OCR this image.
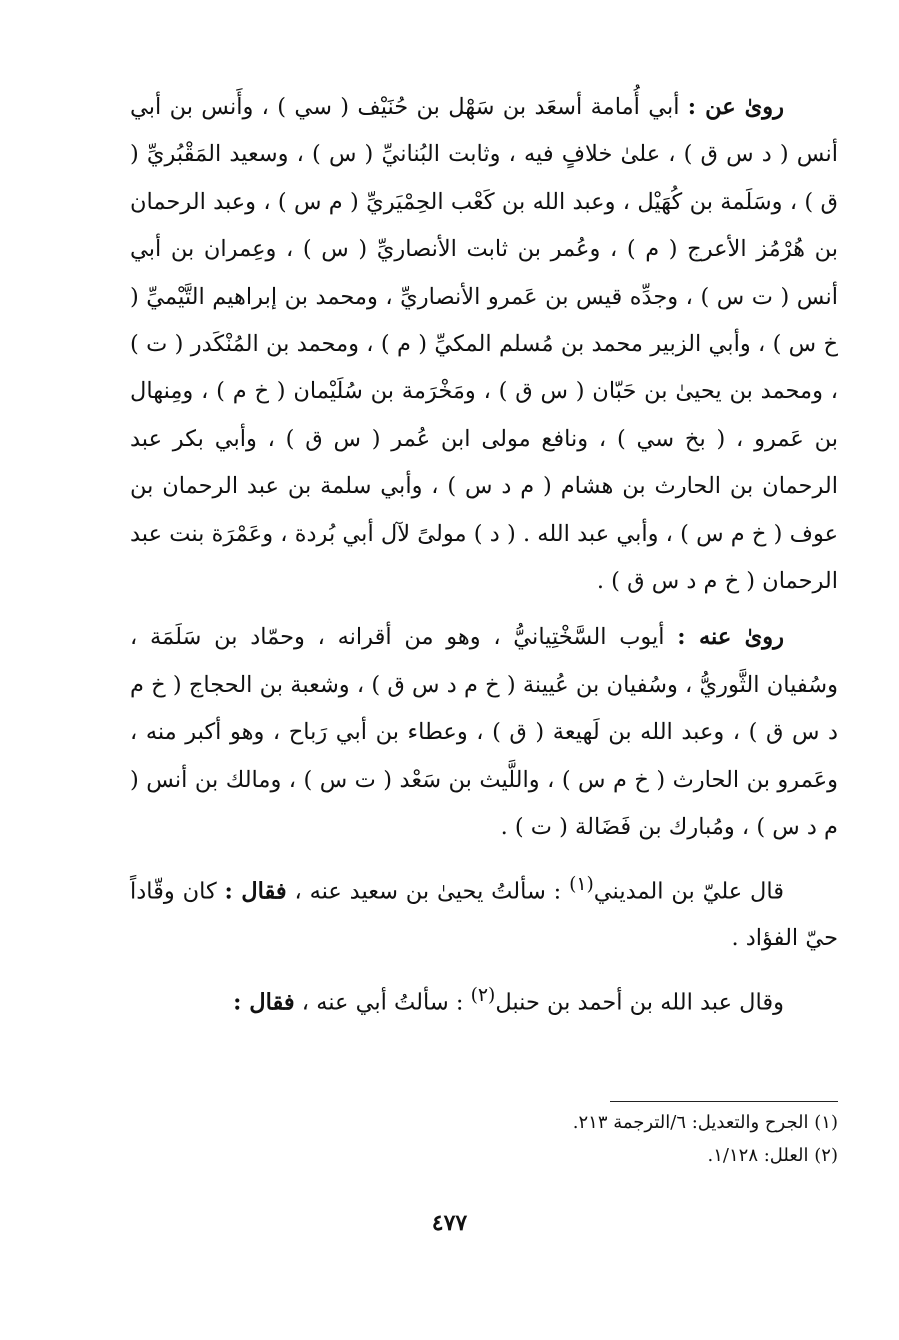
روىٰ عن : أبي أُمامة أسعَد بن سَهْل بن حُنَيْف ( سي ) ، وأَنس بن أبي أنس ( د س ق ) ، علىٰ خلافٍ فيه ، وثابت البُنانيِّ ( س ) ، وسعيد المَقْبُريِّ ( ق ) ، وسَلَمة بن كُهَيْل ، وعبد الله بن كَعْب الحِمْيَريِّ ( م س ) ، وعبد الرحمان بن هُرْمُز الأعرج ( م ) ، وعُمر بن ثابت الأنصاريِّ ( س ) ، وعِمران بن أبي أنس ( ت س ) ، وجدِّه قيس بن عَمرو الأنصاريِّ ، ومحمد بن إبراهيم التَّيْميِّ ( خ س ) ، وأبي الزبير محمد بن مُسلم المكيِّ ( م ) ، ومحمد بن المُنْكَدر ( ت ) ، ومحمد بن يحيىٰ بن حَبّان ( س ق ) ، ومَخْرَمة بن سُلَيْمان ( خ م ) ، ومِنهال بن عَمرو ، ( بخ سي ) ، ونافع مولى ابن عُمر ( س ق ) ، وأبي بكر عبد الرحمان بن الحارث بن هشام ( م د س ) ، وأبي سلمة بن عبد الرحمان بن عوف ( خ م س ) ، وأبي عبد الله . ( د ) مولىً لآل أبي بُردة ، وعَمْرَة بنت عبد الرحمان ( خ م د س ق ) .

روىٰ عنه : أيوب السَّخْتِيانيُّ ، وهو من أقرانه ، وحمّاد بن سَلَمَة ، وسُفيان الثَّوريُّ ، وسُفيان بن عُيينة ( خ م د س ق ) ، وشعبة بن الحجاج ( خ م د س ق ) ، وعبد الله بن لَهيعة ( ق ) ، وعطاء بن أبي رَباح ، وهو أكبر منه ، وعَمرو بن الحارث ( خ م س ) ، واللَّيث بن سَعْد ( ت س ) ، ومالك بن أنس ( م د س ) ، ومُبارك بن فَضَالة ( ت ) .

قال عليّ بن المديني$^{(١)}$ : سألتُ يحيىٰ بن سعيد عنه ، فقال : كان وقّاداً حيّ الفؤاد .

وقال عبد الله بن أحمد بن حنبل$^{(٢)}$ : سألتُ أبي عنه ، فقال :

(١) الجرح والتعديل: ٦/الترجمة ٢١٣.

(٢) العلل: ١/١٢٨.

٤٧٧
